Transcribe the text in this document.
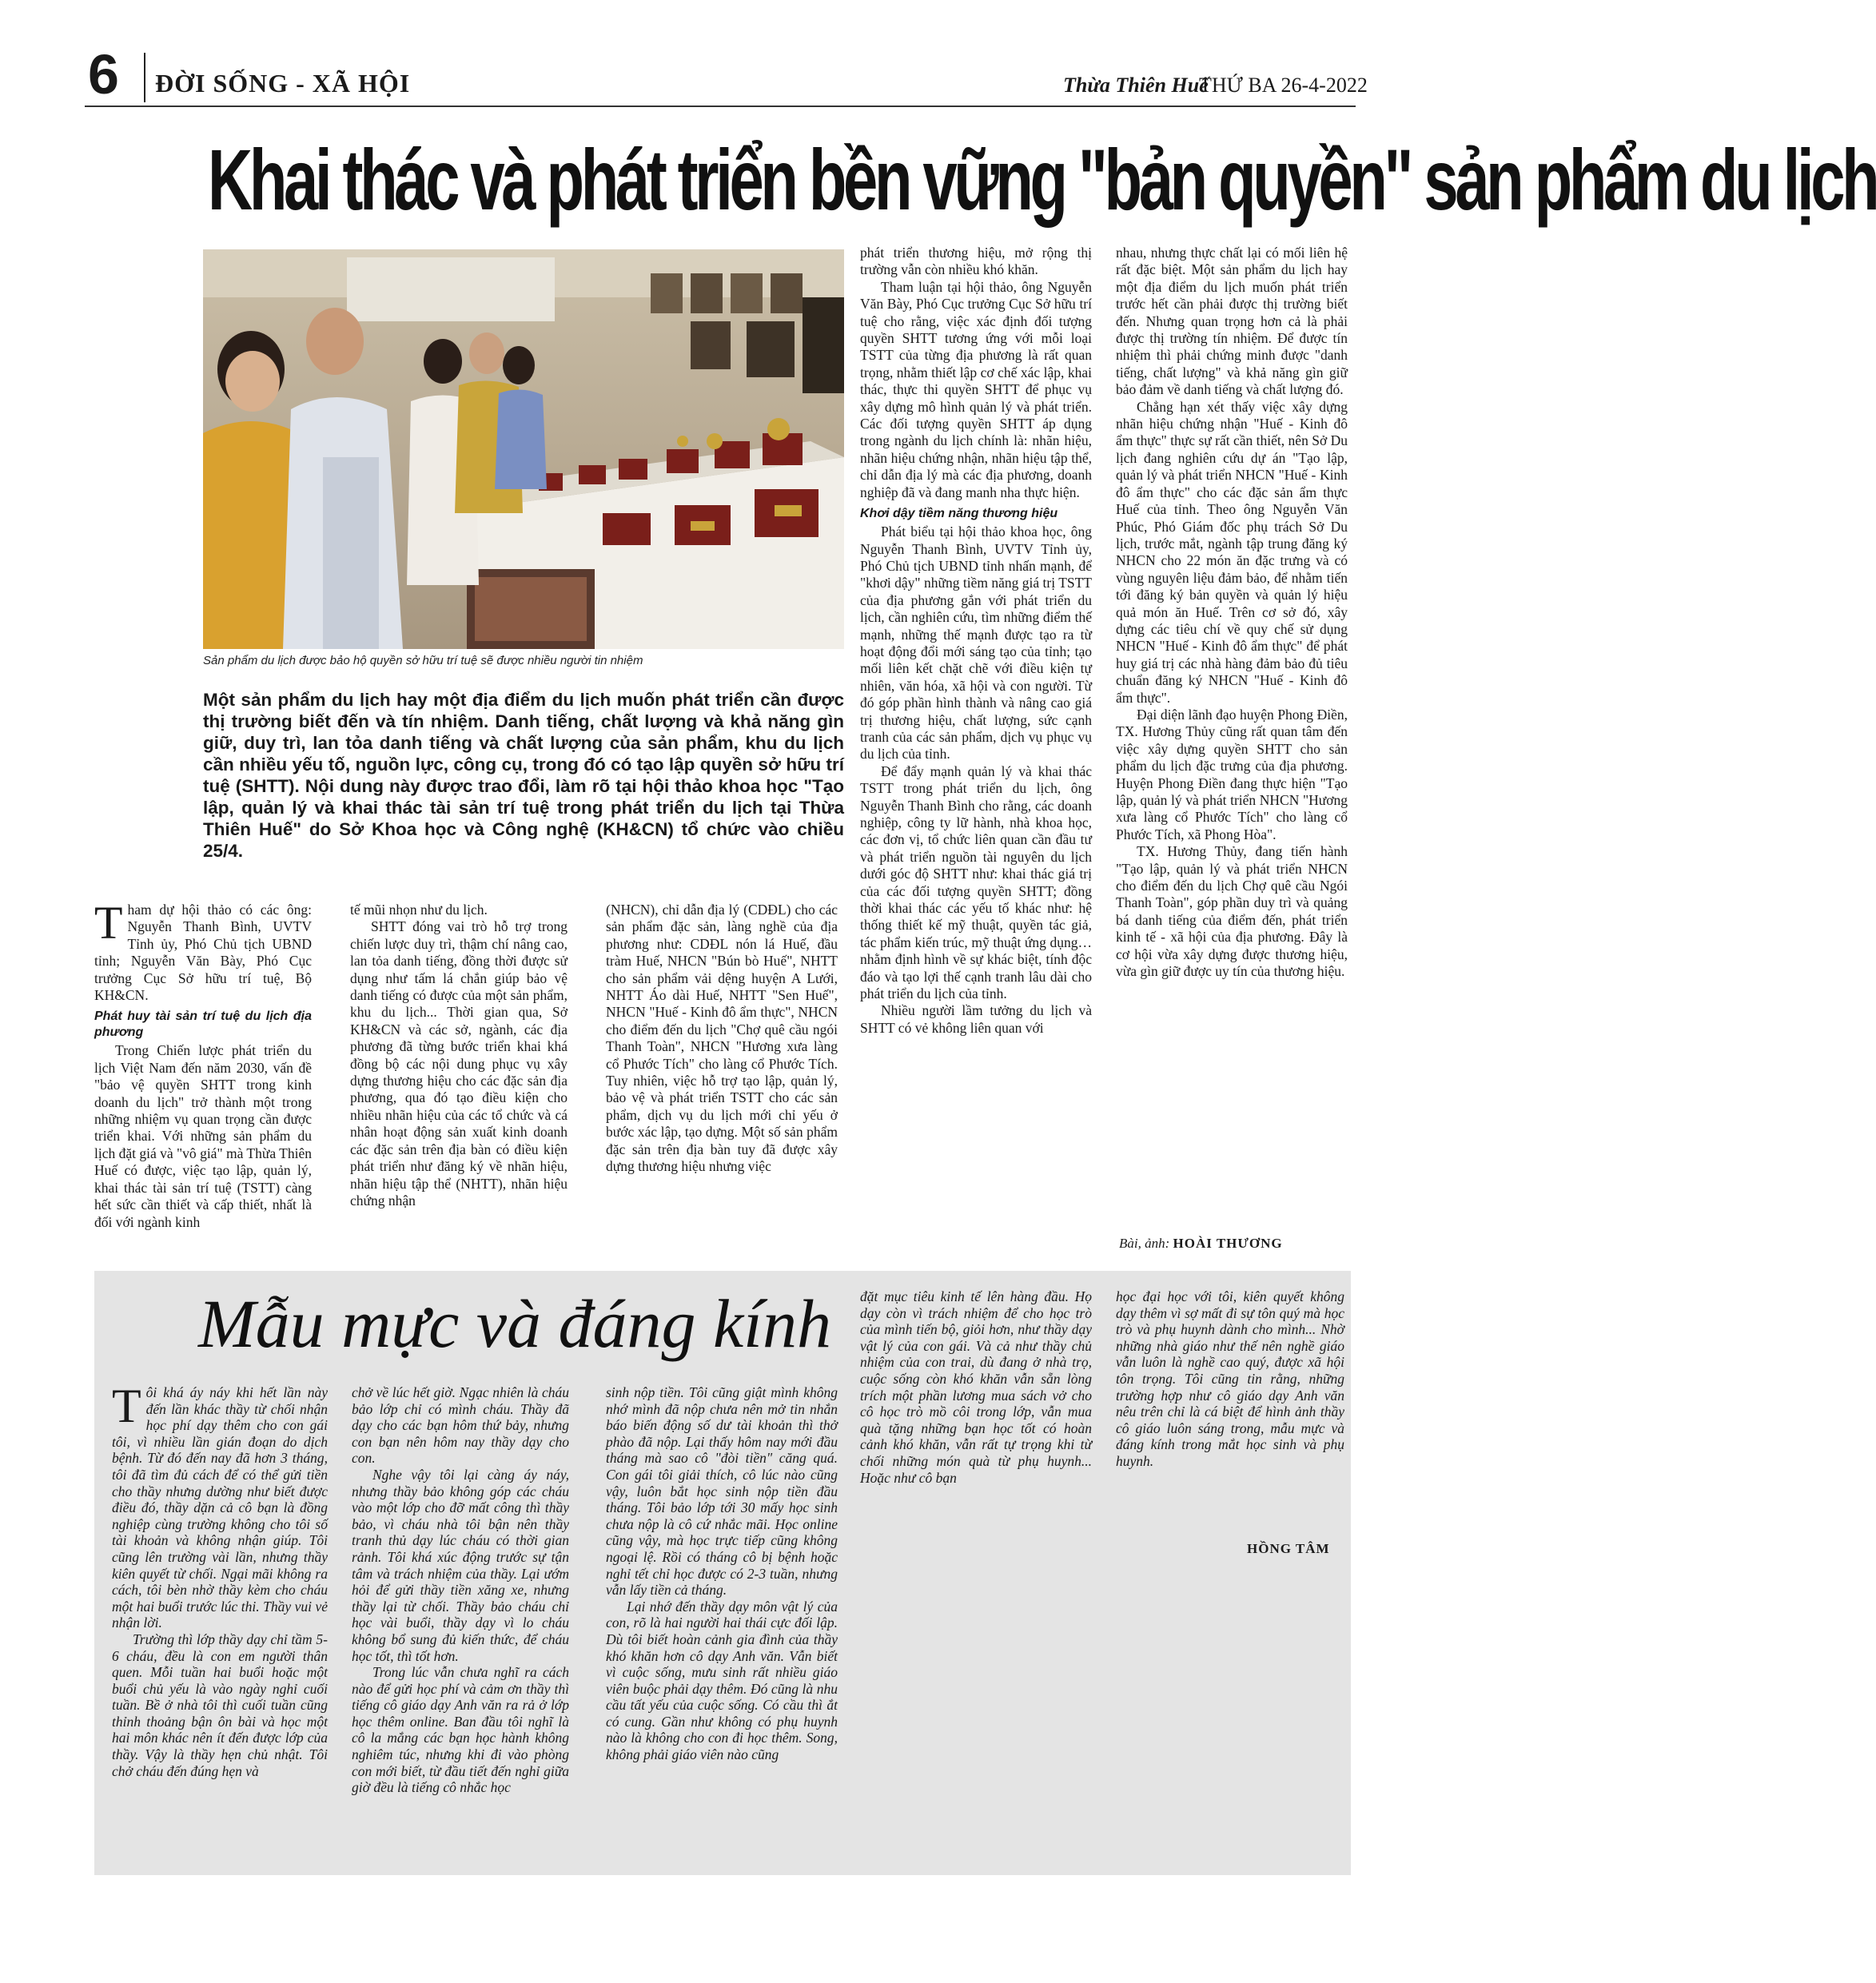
6 ĐỜI SỐNG - XÃ HỘI	Thừa Thiên Huế
THỨ BA 26-4-2022
Khai thác và phát triển bền vững "bản quyền" sản phẩm du lịch
Sản phẩm du lịch được bảo hộ quyền sở hữu trí tuệ sẽ được nhiều người tin nhiệm
Một sản phẩm du lịch hay một địa điểm du lịch muốn phát triển cần được thị trường biết đến và tín nhiệm. Danh tiếng, chất lượng và khả năng gìn giữ, duy trì, lan tỏa danh tiếng và chất lượng của sản phẩm, khu du lịch cần nhiều yếu tố, nguồn lực, công cụ, trong đó có tạo lập quyền sở hữu trí tuệ (SHTT). Nội dung này được trao đổi, làm rõ tại hội thảo khoa học "Tạo lập, quản lý và khai thác tài sản trí tuệ trong phát triển du lịch tại Thừa Thiên Huế" do Sở Khoa học và Công nghệ (KH&CN) tổ chức vào chiều 25/4.

Tham dự hội thảo có các ông: Nguyễn Thanh Bình, UVTV Tỉnh ủy, Phó Chủ tịch UBND tỉnh; Nguyễn Văn Bày, Phó Cục trưởng Cục Sở hữu trí tuệ, Bộ KH&CN.

Phát huy tài sản trí tuệ du lịch địa phương

Trong Chiến lược phát triển du lịch Việt Nam đến năm 2030, vấn đề "bảo vệ quyền SHTT trong kinh doanh du lịch" trở thành một trong những nhiệm vụ quan trọng cần được triển khai. Với những sản phẩm du lịch đặt giá và "vô giá" mà Thừa Thiên Huế có được, việc tạo lập, quản lý, khai thác tài sản trí tuệ (TSTT) càng hết sức cần thiết và cấp thiết, nhất là đối với ngành kinh

tế mũi nhọn như du lịch.

SHTT đóng vai trò hỗ trợ trong chiến lược duy trì, thậm chí nâng cao, lan tỏa danh tiếng, đồng thời được sử dụng như tấm lá chắn giúp bảo vệ danh tiếng có được của một sản phẩm, khu du lịch... Thời gian qua, Sở KH&CN và các sở, ngành, các địa phương đã từng bước triển khai khá đồng bộ các nội dung phục vụ xây dựng thương hiệu cho các đặc sản địa phương, qua đó tạo điều kiện cho nhiều nhãn hiệu của các tổ chức và cá nhân hoạt động sản xuất kinh doanh các đặc sản trên địa bàn có điều kiện phát triển như đăng ký về nhãn hiệu, nhãn hiệu tập thể (NHTT), nhãn hiệu chứng nhận

(NHCN), chỉ dẫn địa lý (CDĐL) cho các sản phẩm đặc sản, làng nghề của địa phương như: CDĐL nón lá Huế, đầu tràm Huế, NHCN "Bún bò Huế", NHTT cho sản phẩm vải dệng huyện A Lưới, NHTT Áo dài Huế, NHTT "Sen Huế", NHCN "Huế - Kinh đô ẩm thực", NHCN cho điểm đến du lịch "Chợ quê cầu ngói Thanh Toàn", NHCN "Hương xưa làng cổ Phước Tích" cho làng cổ Phước Tích. Tuy nhiên, việc hỗ trợ tạo lập, quản lý, bảo vệ và phát triển TSTT cho các sản phẩm, dịch vụ du lịch mới chỉ yếu ở bước xác lập, tạo dựng. Một số sản phẩm đặc sản trên địa bàn tuy đã được xây dựng thương hiệu nhưng việc

phát triển thương hiệu, mở rộng thị trường vẫn còn nhiều khó khăn.

Tham luận tại hội thảo, ông Nguyễn Văn Bày, Phó Cục trưởng Cục Sở hữu trí tuệ cho rằng, việc xác định đối tượng quyền SHTT tương ứng với mỗi loại TSTT của từng địa phương là rất quan trọng, nhằm thiết lập cơ chế xác lập, khai thác, thực thi quyền SHTT để phục vụ xây dựng mô hình quản lý và phát triển. Các đối tượng quyền SHTT áp dụng trong ngành du lịch chính là: nhãn hiệu, nhãn hiệu chứng nhận, nhãn hiệu tập thể, chỉ dẫn địa lý mà các địa phương, doanh nghiệp đã và đang manh nha thực hiện.

Khơi dậy tiềm năng thương hiệu

Phát biểu tại hội thảo khoa học, ông Nguyễn Thanh Bình, UVTV Tỉnh ủy, Phó Chủ tịch UBND tỉnh nhấn mạnh, để "khơi dậy" những tiềm năng giá trị TSTT của địa phương gắn với phát triển du lịch, cần nghiên cứu, tìm những điểm thế mạnh, những thế mạnh được tạo ra từ hoạt động đổi mới sáng tạo của tỉnh; tạo mối liên kết chặt chẽ với điều kiện tự nhiên, văn hóa, xã hội và con người. Từ đó góp phần hình thành và nâng cao giá trị thương hiệu, chất lượng, sức cạnh tranh của các sản phẩm, dịch vụ phục vụ du lịch của tỉnh.

Để đẩy mạnh quản lý và khai thác TSTT trong phát triển du lịch, ông Nguyễn Thanh Bình cho rằng, các doanh nghiệp, công ty lữ hành, nhà khoa học, các đơn vị, tổ chức liên quan cần đầu tư và phát triển nguồn tài nguyên du lịch dưới góc độ SHTT như: khai thác giá trị của các đối tượng quyền SHTT; đồng thời khai thác các yếu tố khác như: hệ thống thiết kế mỹ thuật, quyền tác giả, tác phẩm kiến trúc, mỹ thuật ứng dụng… nhằm định hình về sự khác biệt, tính độc đáo và tạo lợi thế cạnh tranh lâu dài cho phát triển du lịch của tỉnh.

Nhiều người lầm tưởng du lịch và SHTT có vẻ không liên quan với

nhau, nhưng thực chất lại có mối liên hệ rất đặc biệt. Một sản phẩm du lịch hay một địa điểm du lịch muốn phát triển trước hết cần phải được thị trường biết đến. Nhưng quan trọng hơn cả là phải được thị trường tín nhiệm. Để được tín nhiệm thì phải chứng minh được "danh tiếng, chất lượng" và khả năng gìn giữ bảo đảm về danh tiếng và chất lượng đó.

Chẳng hạn xét thấy việc xây dựng nhãn hiệu chứng nhận "Huế - Kinh đô ẩm thực" thực sự rất cần thiết, nên Sở Du lịch đang nghiên cứu dự án "Tạo lập, quản lý và phát triển NHCN "Huế - Kinh đô ẩm thực" cho các đặc sản ẩm thực Huế của tỉnh. Theo ông Nguyễn Văn Phúc, Phó Giám đốc phụ trách Sở Du lịch, trước mắt, ngành tập trung đăng ký NHCN cho 22 món ăn đặc trưng và có vùng nguyên liệu đảm bảo, để nhằm tiến tới đăng ký bản quyền và quản lý hiệu quả món ăn Huế. Trên cơ sở đó, xây dựng các tiêu chí về quy chế sử dụng NHCN "Huế - Kinh đô ẩm thực" để phát huy giá trị các nhà hàng đảm bảo đủ tiêu chuẩn đăng ký NHCN "Huế - Kinh đô ẩm thực".

Đại diện lãnh đạo huyện Phong Điền, TX. Hương Thủy cũng rất quan tâm đến việc xây dựng quyền SHTT cho sản phẩm du lịch đặc trưng của địa phương. Huyện Phong Điền đang thực hiện "Tạo lập, quản lý và phát triển NHCN "Hương xưa làng cổ Phước Tích" cho làng cổ Phước Tích, xã Phong Hòa".

TX. Hương Thủy, đang tiến hành "Tạo lập, quản lý và phát triển NHCN cho điểm đến du lịch Chợ quê cầu Ngói Thanh Toàn", góp phần duy trì và quảng bá danh tiếng của điểm đến, phát triển kinh tế - xã hội của địa phương. Đây là cơ hội vừa xây dựng được thương hiệu, vừa gìn giữ được uy tín của thương hiệu.

Bài, ảnh: HOÀI THƯƠNG
Mẫu mực và đáng kính

Tôi khá áy náy khi hết lần này đến lần khác thầy từ chối nhận học phí dạy thêm cho con gái tôi, vì nhiều lần gián đoạn do dịch bệnh. Từ đó đến nay đã hơn 3 tháng, tôi đã tìm đủ cách để có thể gửi tiền cho thầy nhưng dường như biết được điều đó, thầy dặn cả cô bạn là đồng nghiệp cùng trường không cho tôi số tài khoản và không nhận giúp. Tôi cũng lên trường vài lần, nhưng thầy kiên quyết từ chối. Ngại mãi không ra cách, tôi bèn nhờ thầy kèm cho cháu một hai buổi trước lúc thi. Thầy vui vẻ nhận lời.

Trường thì lớp thầy dạy chỉ tầm 5-6 cháu, đều là con em người thân quen. Mỗi tuần hai buổi hoặc một buổi chủ yếu là vào ngày nghỉ cuối tuần. Bề ở nhà tôi thì cuối tuần cũng thỉnh thoảng bận ôn bài và học một hai môn khác nên ít đến được lớp của thầy. Vậy là thầy hẹn chủ nhật. Tôi chở cháu đến đúng hẹn và

chở về lúc hết giờ. Ngạc nhiên là cháu bảo lớp chỉ có mình cháu. Thầy đã dạy cho các bạn hôm thứ bảy, nhưng con bạn nên hôm nay thầy dạy cho con.

Nghe vậy tôi lại càng áy náy, nhưng thầy bảo không góp các cháu vào một lớp cho đỡ mất công thì thầy bảo, vì cháu nhà tôi bận nên thầy tranh thủ dạy lúc cháu có thời gian rảnh. Tôi khá xúc động trước sự tận tâm và trách nhiệm của thầy. Lại ướm hỏi để gửi thầy tiền xăng xe, nhưng thầy lại từ chối. Thầy bảo cháu chỉ học vài buổi, thầy dạy vì lo cháu không bổ sung đủ kiến thức, để cháu học tốt, thì tốt hơn.

Trong lúc vẫn chưa nghĩ ra cách nào để gửi học phí và cảm ơn thầy thì tiếng cô giáo dạy Anh văn ra rả ở lớp học thêm online. Ban đầu tôi nghĩ là cô la mắng các bạn học hành không nghiêm túc, nhưng khi đi vào phòng con mới biết, từ đầu tiết đến nghỉ giữa giờ đều là tiếng cô nhắc học

sinh nộp tiền. Tôi cũng giật mình không nhớ mình đã nộp chưa nên mở tin nhắn báo biến động số dư tài khoản thì thở phào đã nộp. Lại thấy hôm nay mới đầu tháng mà sao cô "đòi tiền" căng quá. Con gái tôi giải thích, cô lúc nào cũng vậy, luôn bắt học sinh nộp tiền đầu tháng. Tôi bảo lớp tới 30 mấy học sinh chưa nộp là cô cứ nhắc mãi. Học online cũng vậy, mà học trực tiếp cũng không ngoại lệ. Rồi có tháng cô bị bệnh hoặc nghỉ tết chỉ học được có 2-3 tuần, nhưng vẫn lấy tiền cả tháng.

Lại nhớ đến thầy dạy môn vật lý của con, rõ là hai người hai thái cực đối lập. Dù tôi biết hoàn cảnh gia đình của thầy khó khăn hơn cô dạy Anh văn. Vẫn biết vì cuộc sống, mưu sinh rất nhiều giáo viên buộc phải dạy thêm. Đó cũng là nhu cầu tất yếu của cuộc sống. Có cầu thì ắt có cung. Gần như không có phụ huynh nào là không cho con đi học thêm. Song, không phải giáo viên nào cũng

đặt mục tiêu kinh tế lên hàng đầu. Họ dạy còn vì trách nhiệm để cho học trò của mình tiến bộ, giỏi hơn, như thầy dạy vật lý của con gái. Và cả như thầy chủ nhiệm của con trai, dù đang ở nhà trọ, cuộc sống còn khó khăn vẫn sẵn lòng trích một phần lương mua sách vở cho cô học trò mồ côi trong lớp, vẫn mua quà tặng những bạn học tốt có hoàn cảnh khó khăn, vẫn rất tự trọng khi từ chối những món quà từ phụ huynh... Hoặc như cô bạn

học đại học với tôi, kiên quyết không dạy thêm vì sợ mất đi sự tôn quý mà học trò và phụ huynh dành cho mình... Nhờ những nhà giáo như thế nên nghề giáo vẫn luôn là nghề cao quý, được xã hội tôn trọng. Tôi cũng tin rằng, những trường hợp như cô giáo dạy Anh văn nêu trên chỉ là cá biệt để hình ảnh thầy cô giáo luôn sáng trong, mẫu mực và đáng kính trong mắt học sinh và phụ huynh.

HỒNG TÂM
